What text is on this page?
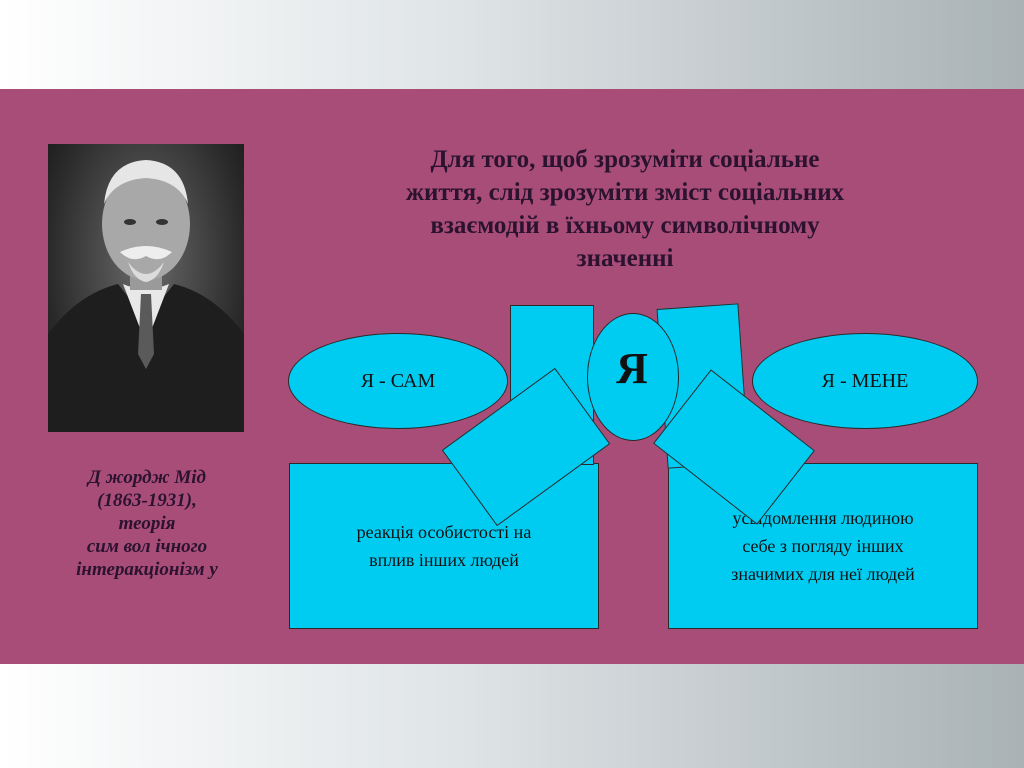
Д жордж Мід
(1863-1931),
теорія
сим вол ічного
інтеракціонізм у
Для того, щоб зрозуміти соціальне
життя, слід зрозуміти зміст соціальних
взаємодій в їхньому символічному
значенні
реакція особистості на
вплив інших людей
усвідомлення людиною
себе з погляду інших
значимих для неї людей
Я - САМ	Я - МЕНЕ
Я
